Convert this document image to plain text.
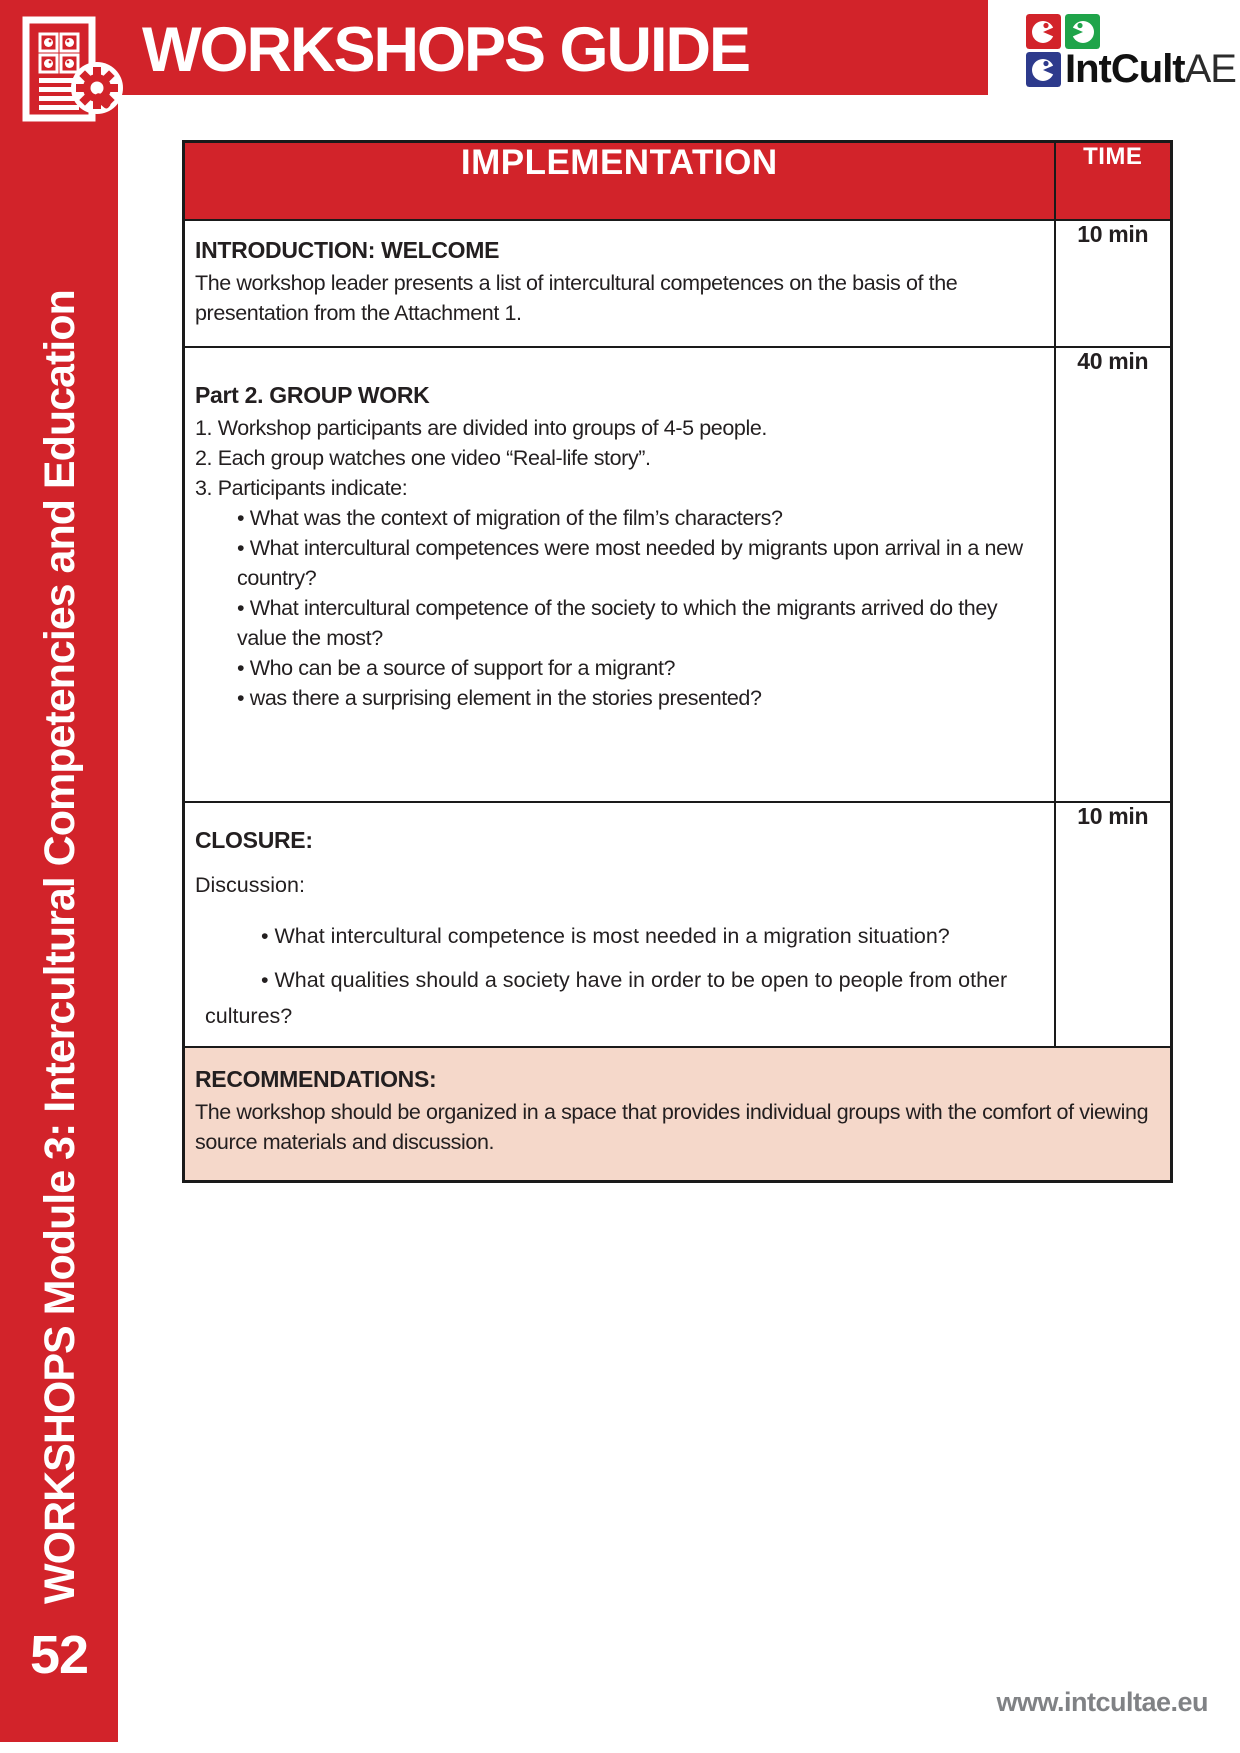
WORKSHOPS Module 3: Intercultural Competencies and Education
52
WORKSHOPS GUIDE	IntCultAE
IMPLEMENTATION	TIME

INTRODUCTION: WELCOME
The workshop leader presents a list of intercultural competences on the basis of the presentation from the Attachment 1.	10 min

Part 2. GROUP WORK
1. Workshop participants are divided into groups of 4-5 people.
2. Each group watches one video “Real-life story”.
3. Participants indicate:
• What was the context of migration of the film’s characters?
• What intercultural competences were most needed by migrants upon arrival in a new country?
• What intercultural competence of the society to which the migrants arrived do they value the most?
• Who can be a source of support for a migrant?
• was there a surprising element in the stories presented?
	40 min

CLOSURE:
Discussion:
• What intercultural competence is most needed in a migration situation?
• What qualities should a society have in order to be open to people from other cultures?	10 min

RECOMMENDATIONS:
The workshop should be organized in a space that provides individual groups with the comfort of viewing source materials and discussion.	
www.intcultae.eu
